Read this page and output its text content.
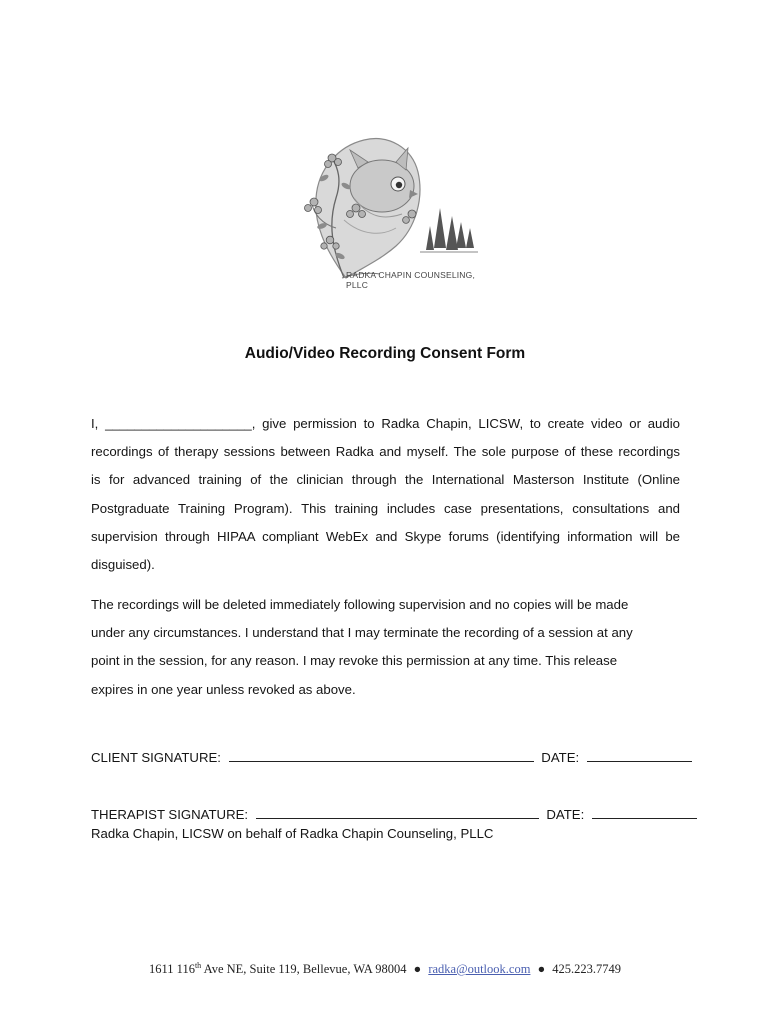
RADKA CHAPIN COUNSELING, PLLC
Audio/Video Recording Consent Form
I, ____________________, give permission to Radka Chapin, LICSW, to create video or audio
recordings of therapy sessions between Radka and myself. The sole purpose of these recordings
is for advanced training of the clinician through the International Masterson Institute (Online
Postgraduate Training Program). This training includes case presentations, consultations and
supervision through HIPAA compliant WebEx and Skype forums (identifying information will be
disguised).
The recordings will be deleted immediately following supervision and no copies will be made
under any circumstances. I understand that I may terminate the recording of a session at any
point in the session, for any reason. I may revoke this permission at any time. This release
expires in one year unless revoked as above.
CLIENT SIGNATURE:	DATE:
THERAPIST SIGNATURE:	DATE:
Radka Chapin, LICSW on behalf of Radka Chapin Counseling, PLLC
1611 116th Ave NE, Suite 119, Bellevue, WA 98004 ● radka@outlook.com ● 425.223.7749
